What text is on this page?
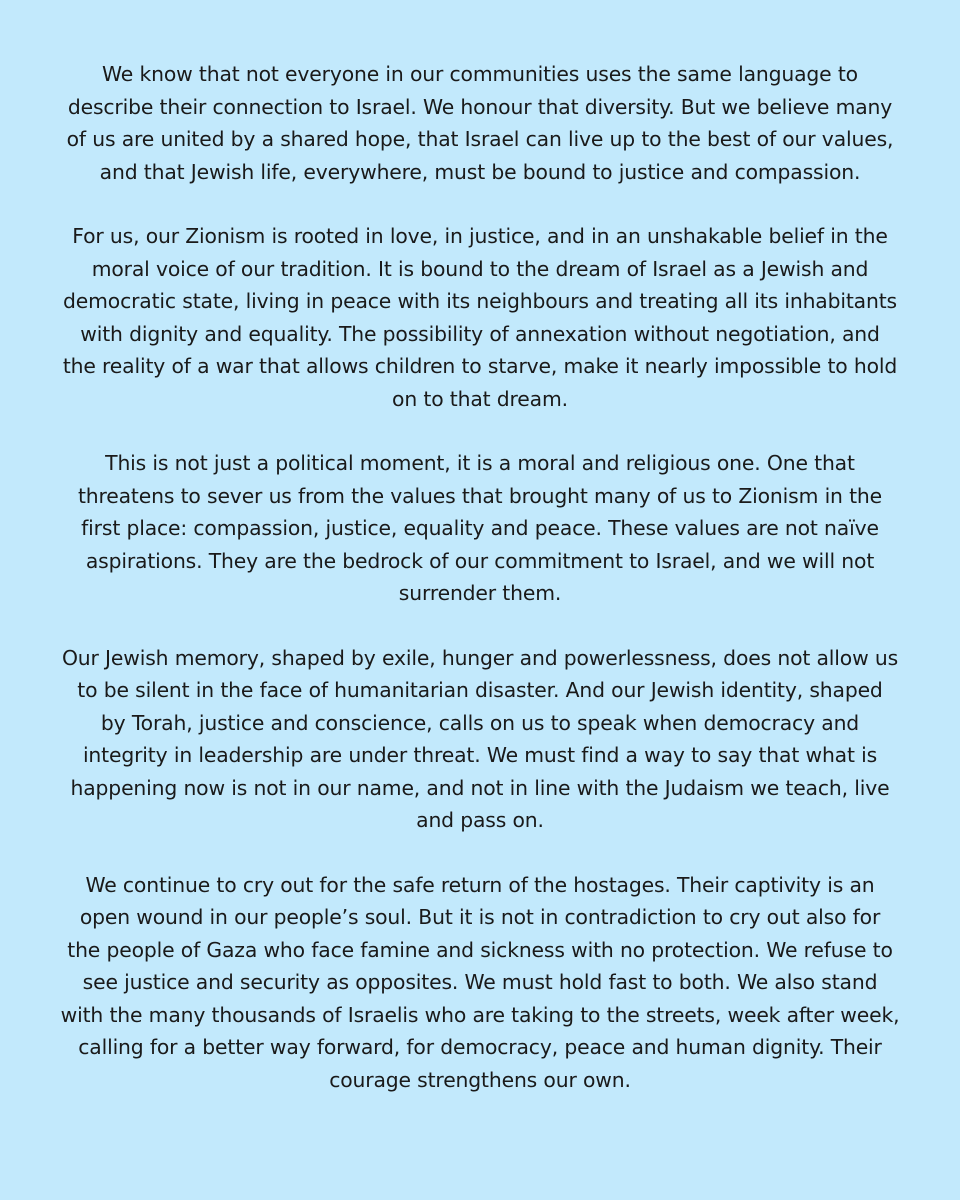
We know that not everyone in our communities uses the same language to
describe their connection to Israel. We honour that diversity. But we believe many
of us are united by a shared hope, that Israel can live up to the best of our values,
and that Jewish life, everywhere, must be bound to justice and compassion.

For us, our Zionism is rooted in love, in justice, and in an unshakable belief in the
moral voice of our tradition. It is bound to the dream of Israel as a Jewish and
democratic state, living in peace with its neighbours and treating all its inhabitants
with dignity and equality. The possibility of annexation without negotiation, and
the reality of a war that allows children to starve, make it nearly impossible to hold
on to that dream.

This is not just a political moment, it is a moral and religious one. One that
threatens to sever us from the values that brought many of us to Zionism in the
first place: compassion, justice, equality and peace. These values are not naïve
aspirations. They are the bedrock of our commitment to Israel, and we will not
surrender them.

Our Jewish memory, shaped by exile, hunger and powerlessness, does not allow us
to be silent in the face of humanitarian disaster. And our Jewish identity, shaped
by Torah, justice and conscience, calls on us to speak when democracy and
integrity in leadership are under threat. We must find a way to say that what is
happening now is not in our name, and not in line with the Judaism we teach, live
and pass on.

We continue to cry out for the safe return of the hostages. Their captivity is an
open wound in our people’s soul. But it is not in contradiction to cry out also for
the people of Gaza who face famine and sickness with no protection. We refuse to
see justice and security as opposites. We must hold fast to both. We also stand
with the many thousands of Israelis who are taking to the streets, week after week,
calling for a better way forward, for democracy, peace and human dignity. Their
courage strengthens our own.
